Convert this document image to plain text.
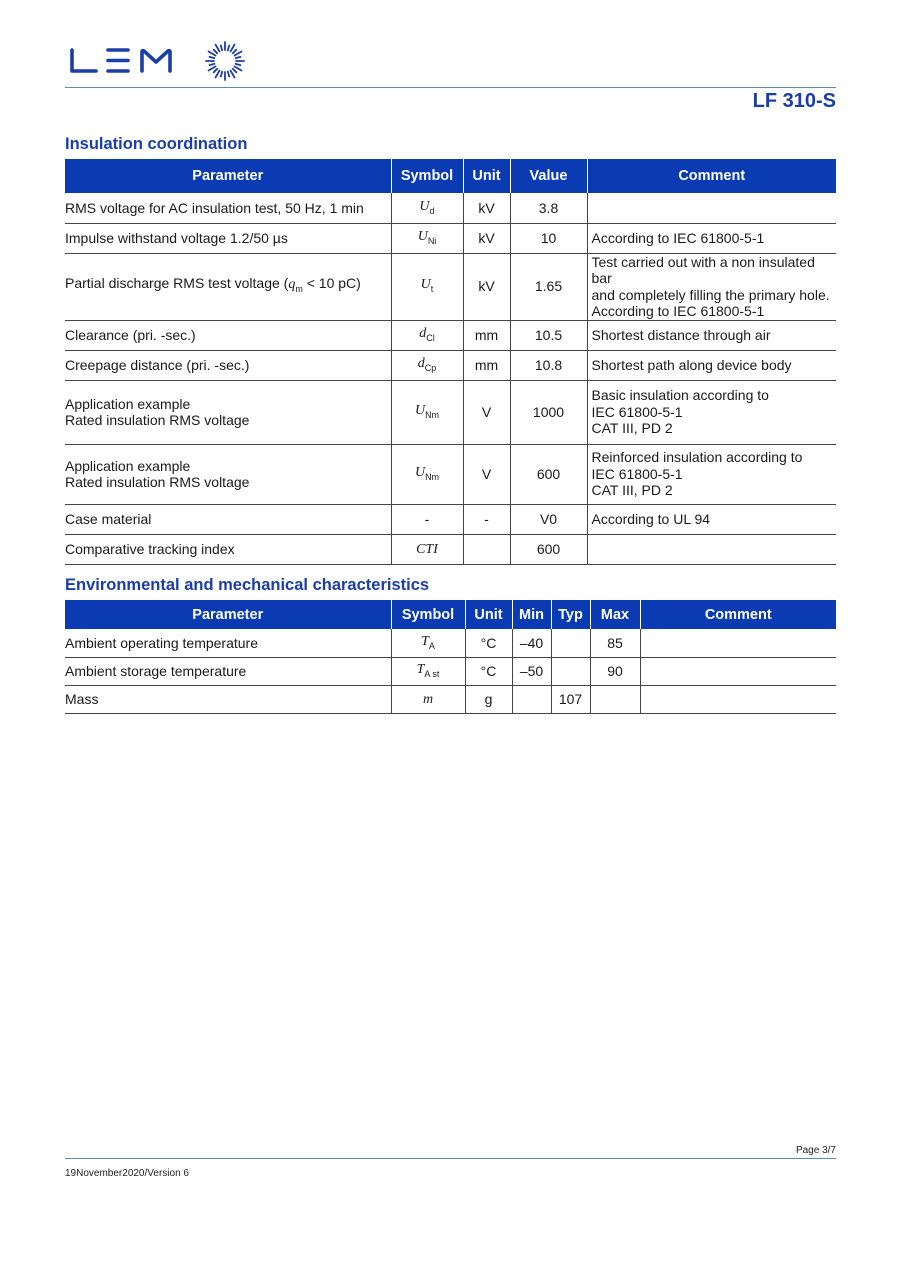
LF 310-S
Insulation coordination
Parameter	Symbol	Unit	Value	Comment
RMS voltage for AC insulation test, 50 Hz, 1 min	$U_d$	kV	3.8	
Impulse withstand voltage 1.2/50 µs	$U_{Ni}$	kV	10	According to IEC 61800-5-1
Partial discharge RMS test voltage ($q_m < 10$ pC)	$U_t$	kV	1.65	Test carried out with a non insulated bar
and completely filling the primary hole.
According to IEC 61800-5-1

Clearance (pri. -sec.)	$d_{Cl}$	mm	10.5	Shortest distance through air
Creepage distance (pri. -sec.)	$d_{Cp}$	mm	10.8	Shortest path along device body

Application example
Rated insulation RMS voltage	$U_{Nm}$	V	1000	Basic insulation according to
IEC 61800-5-1
CAT III, PD 2

Application example
Rated insulation RMS voltage	$U_{Nm}$	V	600	Reinforced insulation according to
IEC 61800-5-1
CAT III, PD 2

Case material	-	-	V0	According to UL 94
Comparative tracking index	CTI		600	
Environmental and mechanical characteristics
Parameter	Symbol	Unit	Min	Typ	Max	Comment
Ambient operating temperature	$T_A$	°C	–40		85	
Ambient storage temperature	$T_{A st}$	°C	–50		90	
Mass	m	g		107		
Page 3/7
19November2020/Version 6
